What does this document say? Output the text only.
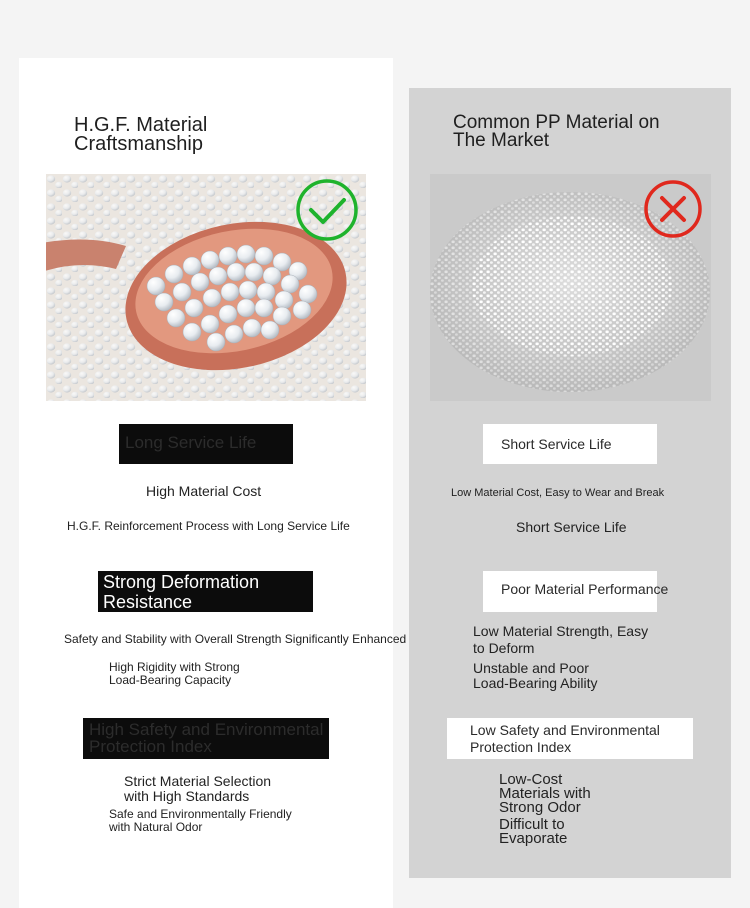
H.G.F. Material
Craftsmanship
Long Service Life
High Material Cost
H.G.F. Reinforcement Process with Long Service Life
Strong Deformation
Resistance
Safety and Stability with Overall Strength Significantly Enhanced
High Rigidity with Strong
Load-Bearing Capacity
High Safety and Environmental
Protection Index
Strict Material Selection
with High Standards
Safe and Environmentally Friendly
with Natural Odor
Common PP Material on
The Market
Short Service Life
Low Material Cost, Easy to Wear and Break
Short Service Life
Poor Material Performance
Low Material Strength, Easy
to Deform
Unstable and Poor
Load-Bearing Ability
Low Safety and Environmental
Protection Index
Low-Cost
Materials with
Strong Odor
Difficult to
Evaporate
